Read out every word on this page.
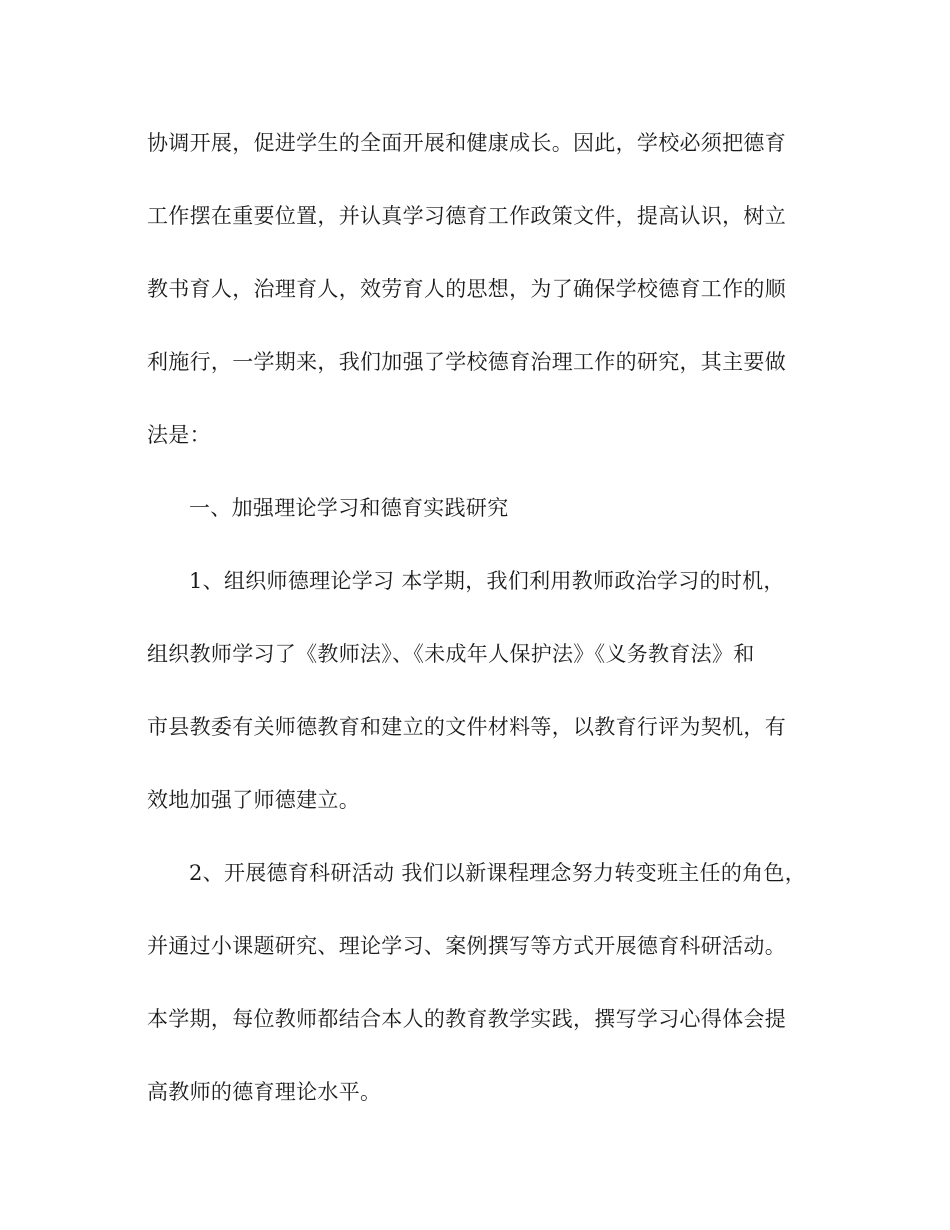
协调开展，促进学生的全面开展和健康成长。因此，学校必须把德育
工作摆在重要位置，并认真学习德育工作政策文件，提高认识，树立
教书育人，治理育人，效劳育人的思想，为了确保学校德育工作的顺
利施行，一学期来，我们加强了学校德育治理工作的研究，其主要做
法是：
一、加强理论学习和德育实践研究
1、组织师德理论学习 本学期，我们利用教师政治学习的时机，
组织教师学习了《教师法》、《未成年人保护法》《义务教育法》和
市县教委有关师德教育和建立的文件材料等，以教育行评为契机，有
效地加强了师德建立。
2、开展德育科研活动 我们以新课程理念努力转变班主任的角色，
并通过小课题研究、理论学习、案例撰写等方式开展德育科研活动。
本学期，每位教师都结合本人的教育教学实践，撰写学习心得体会提
高教师的德育理论水平。
